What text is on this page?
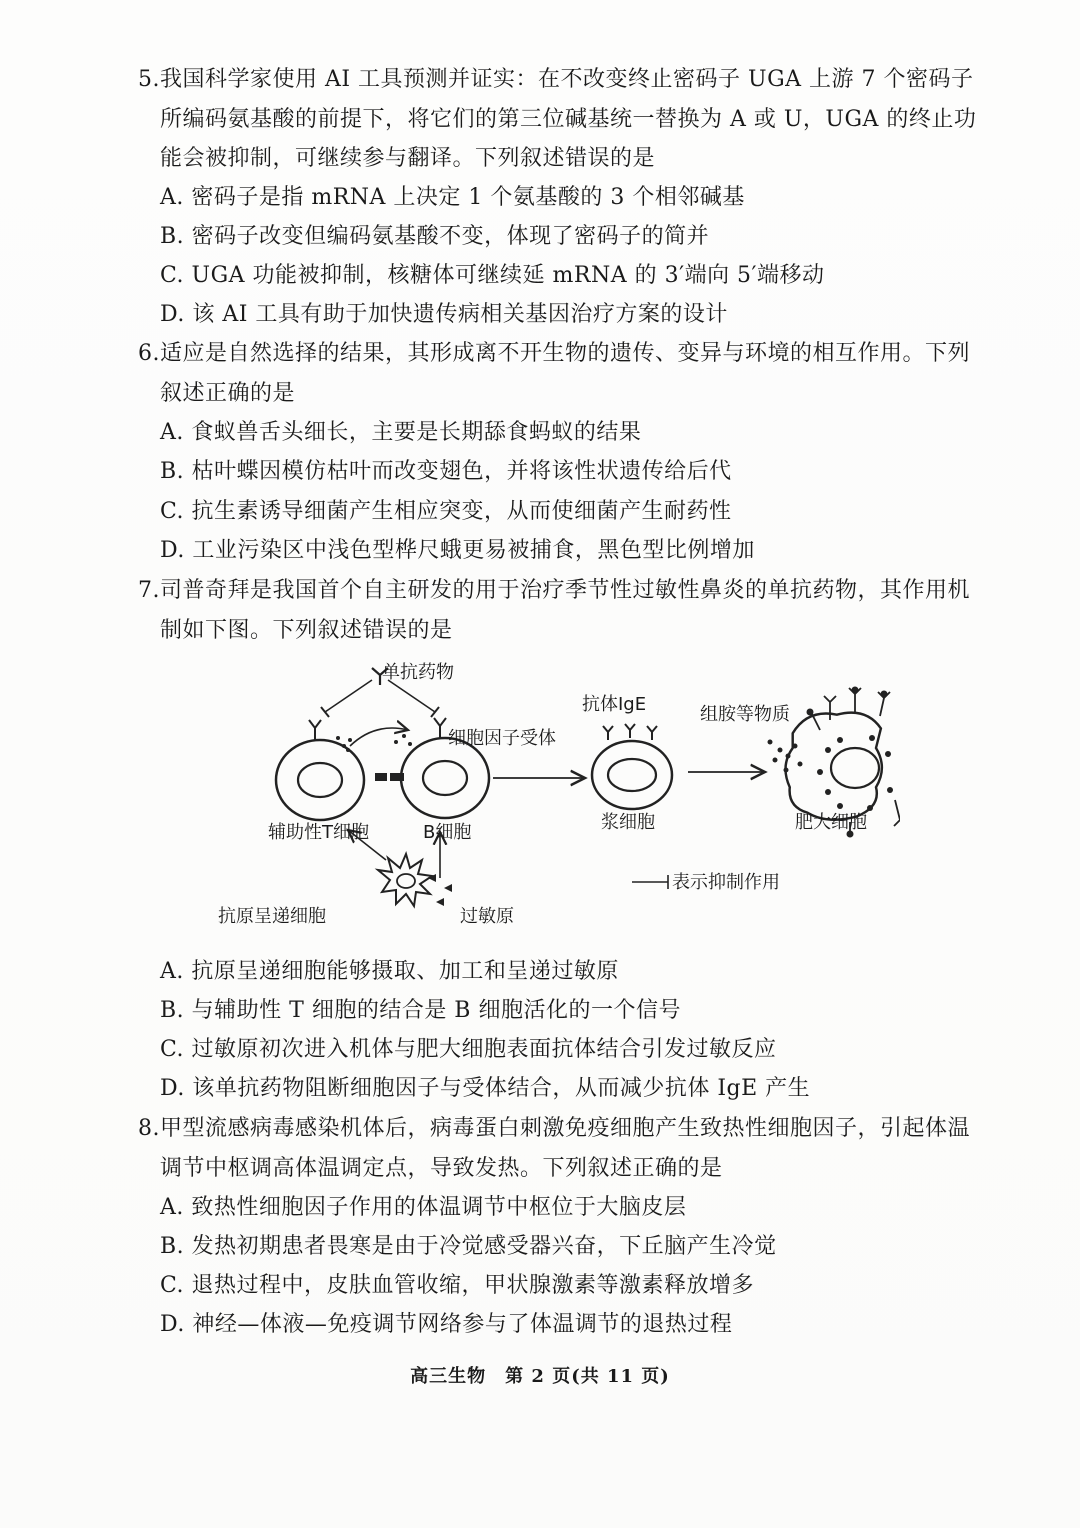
5.我国科学家使用 AI 工具预测并证实：在不改变终止密码子 UGA 上游 7 个密码子
所编码氨基酸的前提下，将它们的第三位碱基统一替换为 A 或 U，UGA 的终止功
能会被抑制，可继续参与翻译。下列叙述错误的是
A. 密码子是指 mRNA 上决定 1 个氨基酸的 3 个相邻碱基
B. 密码子改变但编码氨基酸不变，体现了密码子的简并
C. UGA 功能被抑制，核糖体可继续延 mRNA 的 3′端向 5′端移动
D. 该 AI 工具有助于加快遗传病相关基因治疗方案的设计
6.适应是自然选择的结果，其形成离不开生物的遗传、变异与环境的相互作用。下列
叙述正确的是
A. 食蚁兽舌头细长，主要是长期舔食蚂蚁的结果
B. 枯叶蝶因模仿枯叶而改变翅色，并将该性状遗传给后代
C. 抗生素诱导细菌产生相应突变，从而使细菌产生耐药性
D. 工业污染区中浅色型桦尺蛾更易被捕食，黑色型比例增加
7.司普奇拜是我国首个自主研发的用于治疗季节性过敏性鼻炎的单抗药物，其作用机
制如下图。下列叙述错误的是
单抗药物
细胞因子受体
抗体IgE	组胺等物质
辅助性T细胞	B细胞	浆细胞	肥大细胞
抗原呈递细胞	过敏原
表示抑制作用
A. 抗原呈递细胞能够摄取、加工和呈递过敏原
B. 与辅助性 T 细胞的结合是 B 细胞活化的一个信号
C. 过敏原初次进入机体与肥大细胞表面抗体结合引发过敏反应
D. 该单抗药物阻断细胞因子与受体结合，从而减少抗体 IgE 产生
8.甲型流感病毒感染机体后，病毒蛋白刺激免疫细胞产生致热性细胞因子，引起体温
调节中枢调高体温调定点，导致发热。下列叙述正确的是
A. 致热性细胞因子作用的体温调节中枢位于大脑皮层
B. 发热初期患者畏寒是由于冷觉感受器兴奋，下丘脑产生冷觉
C. 退热过程中，皮肤血管收缩，甲状腺激素等激素释放增多
D. 神经—体液—免疫调节网络参与了体温调节的退热过程
高三生物　第 2 页(共 11 页)
